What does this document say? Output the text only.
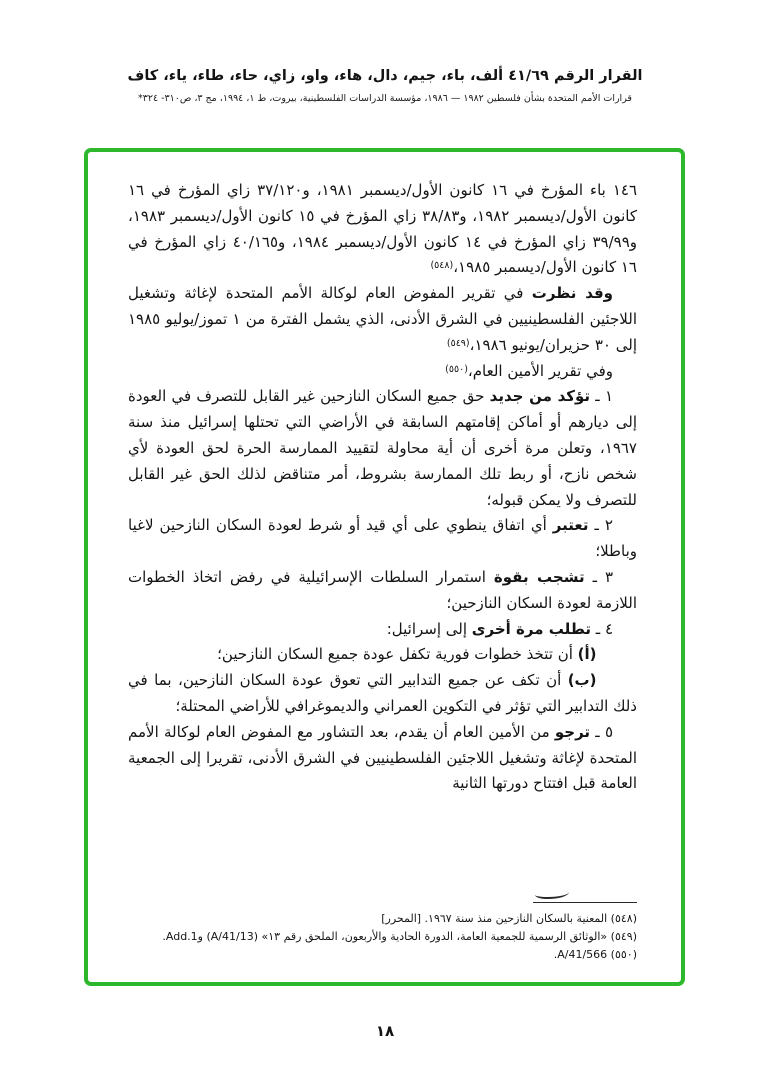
القرار الرقم ٤١/٦٩ ألف، باء، جيم، دال، هاء، واو، زاي، حاء، طاء، ياء، كاف
قرارات الأمم المتحدة بشأن فلسطين ١٩٨٢ — ١٩٨٦، مؤسسة الدراسات الفلسطينية، بيروت، ط ١، ١٩٩٤، مج ٣، ص٣١٠- ٣٢٤*

١٤٦ باء المؤرخ في ١٦ كانون الأول/ديسمبر ١٩٨١، و٣٧/١٢٠ زاي المؤرخ في ١٦ كانون الأول/ديسمبر ١٩٨٢، و٣٨/٨٣ زاي المؤرخ في ١٥ كانون الأول/ديسمبر ١٩٨٣، و٣٩/٩٩ زاي المؤرخ في ١٤ كانون الأول/ديسمبر ١٩٨٤، و٤٠/١٦٥ زاي المؤرخ في ١٦ كانون الأول/ديسمبر ١٩٨٥،$^{(٥٤٨)}$

وقد نظرت في تقرير المفوض العام لوكالة الأمم المتحدة لإغاثة وتشغيل اللاجئين الفلسطينيين في الشرق الأدنى، الذي يشمل الفترة من ١ تموز/يوليو ١٩٨٥ إلى ٣٠ حزيران/يونيو ١٩٨٦،$^{(٥٤٩)}$

وفي تقرير الأمين العام،$^{(٥٥٠)}$

١ ـ تؤكد من جديد حق جميع السكان النازحين غير القابل للتصرف في العودة إلى ديارهم أو أماكن إقامتهم السابقة في الأراضي التي تحتلها إسرائيل منذ سنة ١٩٦٧، وتعلن مرة أخرى أن أية محاولة لتقييد الممارسة الحرة لحق العودة لأي شخص نازح، أو ربط تلك الممارسة بشروط، أمر متناقض لذلك الحق غير القابل للتصرف ولا يمكن قبوله؛

٢ ـ تعتبر أي اتفاق ينطوي على أي قيد أو شرط لعودة السكان النازحين لاغيا وباطلا؛

٣ ـ تشجب بقوة استمرار السلطات الإسرائيلية في رفض اتخاذ الخطوات اللازمة لعودة السكان النازحين؛

٤ ـ تطلب مرة أخرى إلى إسرائيل:

(أ) أن تتخذ خطوات فورية تكفل عودة جميع السكان النازحين؛

(ب) أن تكف عن جميع التدابير التي تعوق عودة السكان النازحين، بما في ذلك التدابير التي تؤثر في التكوين العمراني والديموغرافي للأراضي المحتلة؛

٥ ـ ترجو من الأمين العام أن يقدم، بعد التشاور مع المفوض العام لوكالة الأمم المتحدة لإغاثة وتشغيل اللاجئين الفلسطينيين في الشرق الأدنى، تقريرا إلى الجمعية العامة قبل افتتاح دورتها الثانية

(٥٤٨) المعنية بالسكان النازحين منذ سنة ١٩٦٧. [المحرر]

(٥٤٩) «الوثائق الرسمية للجمعية العامة، الدورة الحادية والأربعون، الملحق رقم ١٣» (A/41/13) وAdd.1.

(٥٥٠) A/41/566.

١٨
